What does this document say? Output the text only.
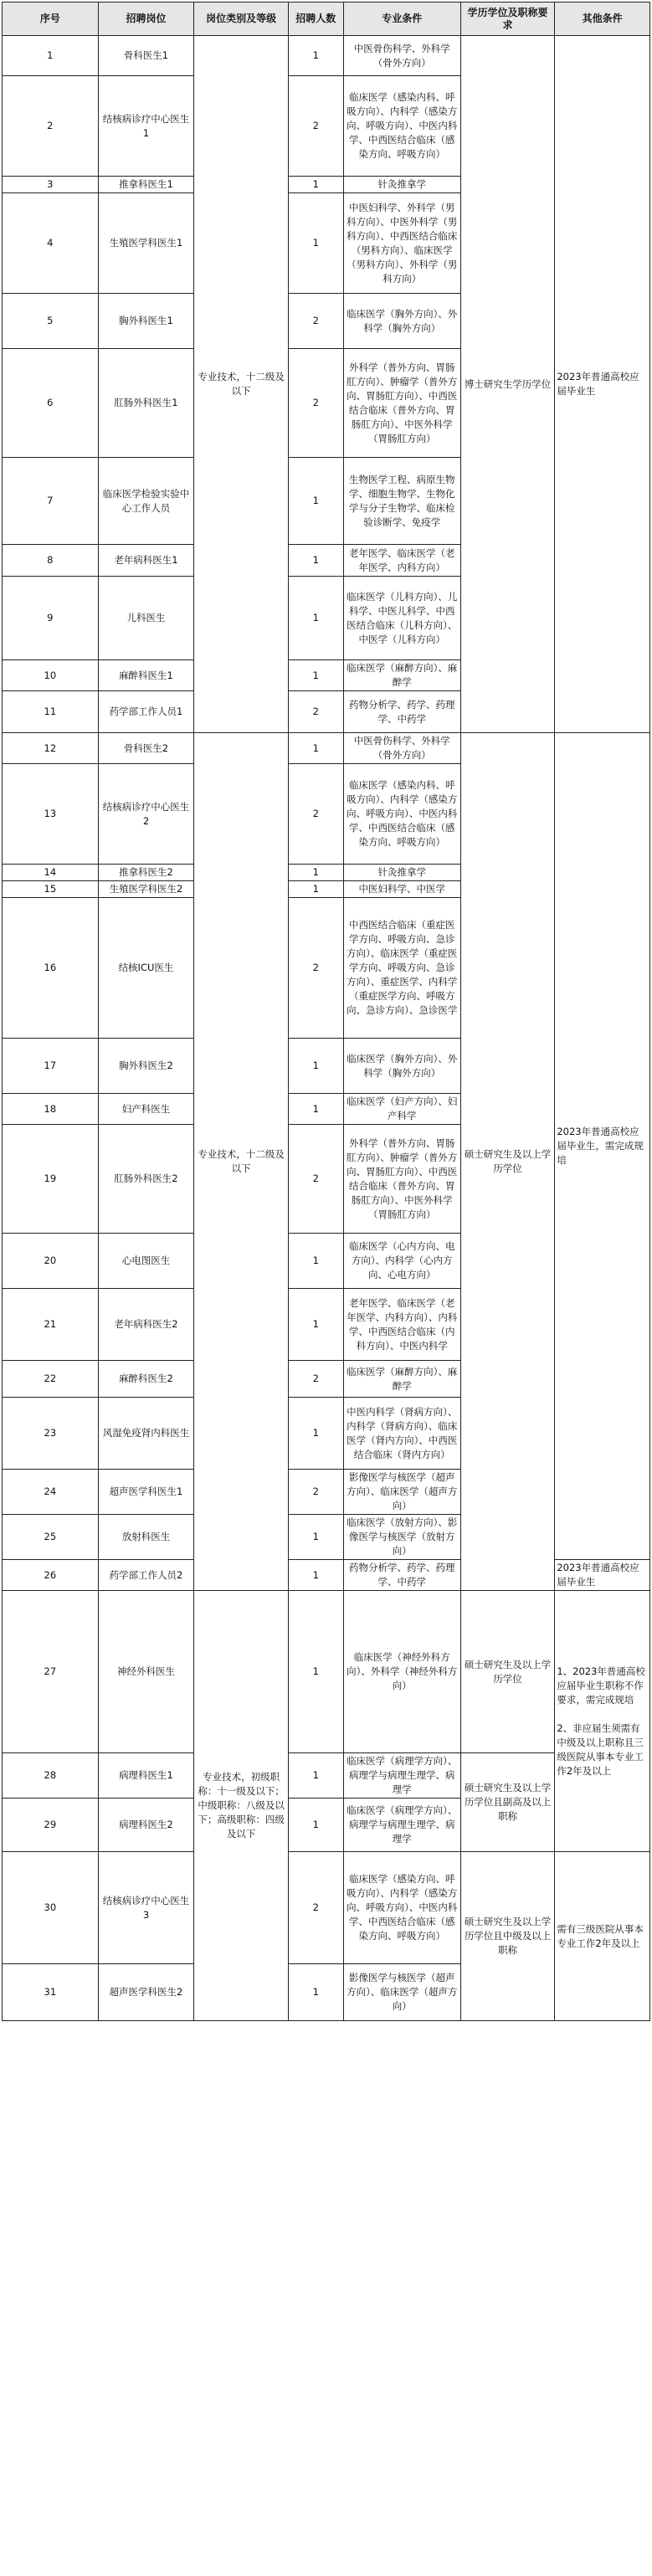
序号	招聘岗位	岗位类别及等级	招聘人数	专业条件	学历学位及职称要求	其他条件
1	骨科医生1	专业技术，十二级及以下	1	中医骨伤科学、外科学（骨外方向）	博士研究生学历学位	2023年普通高校应届毕业生
2	结核病诊疗中心医生1		2	临床医学（感染内科、呼吸方向）、内科学（感染方向、呼吸方向）、中医内科学、中西医结合临床（感染方向、呼吸方向）		
3	推拿科医生1		1	针灸推拿学		
4	生殖医学科医生1		1	中医妇科学、外科学（男科方向）、中医外科学（男科方向）、中西医结合临床（男科方向）、临床医学（男科方向）、外科学（男科方向）		
5	胸外科医生1		2	临床医学（胸外方向）、外科学（胸外方向）		
6	肛肠外科医生1		2	外科学（普外方向、胃肠肛方向）、肿瘤学（普外方向、胃肠肛方向）、中西医结合临床（普外方向、胃肠肛方向）、中医外科学（胃肠肛方向）		
7	临床医学检验实验中心工作人员		1	生物医学工程、病原生物学、细胞生物学、生物化学与分子生物学、临床检验诊断学、免疫学		
8	老年病科医生1		1	老年医学、临床医学（老年医学、内科方向）		
9	儿科医生		1	临床医学（儿科方向）、儿科学、中医儿科学、中西医结合临床（儿科方向）、中医学（儿科方向）		
10	麻醉科医生1		1	临床医学（麻醉方向）、麻醉学		
11	药学部工作人员1		2	药物分析学、药学、药理学、中药学		
12	骨科医生2	专业技术，十二级及以下	1	中医骨伤科学、外科学（骨外方向）	硕士研究生及以上学历学位	2023年普通高校应届毕业生，需完成规培
13	结核病诊疗中心医生2		2	临床医学（感染内科、呼吸方向）、内科学（感染方向、呼吸方向）、中医内科学、中西医结合临床（感染方向、呼吸方向）		
14	推拿科医生2		1	针灸推拿学		
15	生殖医学科医生2		1	中医妇科学、中医学		
16	结核ICU医生		2	中西医结合临床（重症医学方向、呼吸方向、急诊方向）、临床医学（重症医学方向、呼吸方向、急诊方向）、重症医学、内科学（重症医学方向、呼吸方向、急诊方向）、急诊医学		
17	胸外科医生2		1	临床医学（胸外方向）、外科学（胸外方向）		
18	妇产科医生		1	临床医学（妇产方向）、妇产科学		
19	肛肠外科医生2		2	外科学（普外方向、胃肠肛方向）、肿瘤学（普外方向、胃肠肛方向）、中西医结合临床（普外方向、胃肠肛方向）、中医外科学（胃肠肛方向）		
20	心电图医生		1	临床医学（心内方向、电方向）、内科学（心内方向、心电方向）		
21	老年病科医生2		1	老年医学、临床医学（老年医学、内科方向）、内科学、中西医结合临床（内科方向）、中医内科学		
22	麻醉科医生2		2	临床医学（麻醉方向）、麻醉学		
23	风湿免疫肾内科医生		1	中医内科学（肾病方向）、内科学（肾病方向）、临床医学（肾内方向）、中西医结合临床（肾内方向）		
24	超声医学科医生1		2	影像医学与核医学（超声方向）、临床医学（超声方向）		
25	放射科医生		1	临床医学（放射方向）、影像医学与核医学（放射方向）		
26	药学部工作人员2		1	药物分析学、药学、药理学、中药学		2023年普通高校应届毕业生
27	神经外科医生	专业技术，初级职称：十一级及以下；中级职称：八级及以下；高级职称：四级及以下	1	临床医学（神经外科方向）、外科学（神经外科方向）	硕士研究生及以上学历学位	1、2023年普通高校应届毕业生职称不作要求，需完成规培

2、非应届生须需有中级及以上职称且三级医院从事本专业工作2年及以上
28	病理科医生1		1	临床医学（病理学方向）、病理学与病理生理学、病理学	硕士研究生及以上学历学位且副高及以上职称	
29	病理科医生2		1	临床医学（病理学方向）、病理学与病理生理学、病理学		
30	结核病诊疗中心医生3		2	临床医学（感染方向、呼吸方向）、内科学（感染方向、呼吸方向）、中医内科学、中西医结合临床（感染方向、呼吸方向）	硕士研究生及以上学历学位且中级及以上职称	需有三级医院从事本专业工作2年及以上
31	超声医学科医生2		1	影像医学与核医学（超声方向）、临床医学（超声方向）		
